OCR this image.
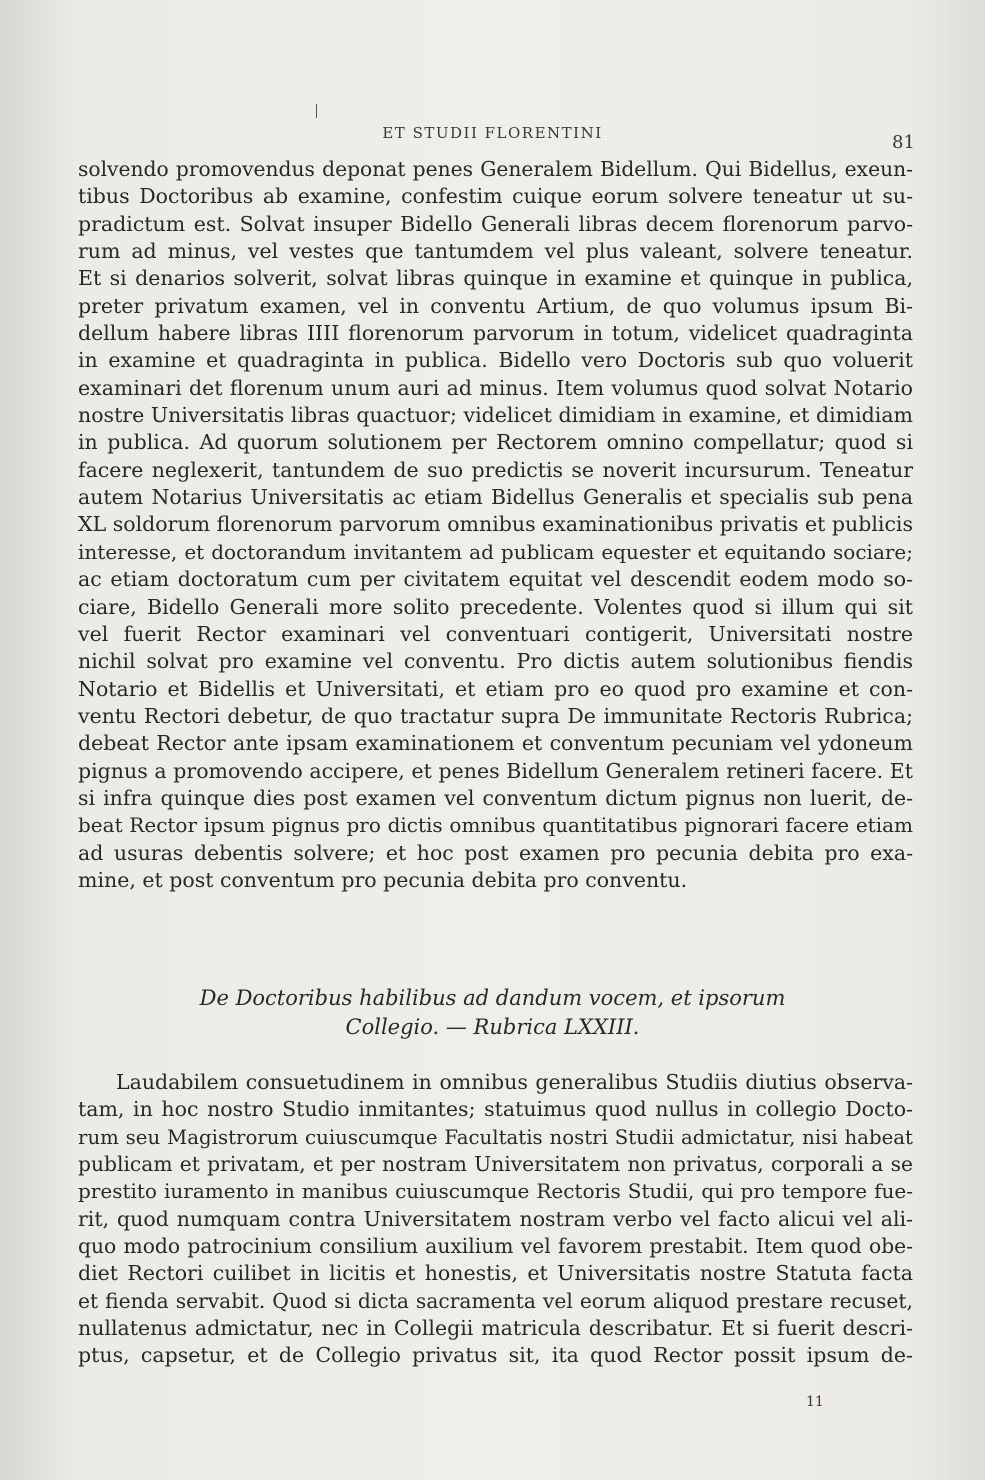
ET STUDII FLORENTINI	81
solvendo promovendus deponat penes Generalem Bidellum. Qui Bidellus, exeun-
tibus Doctoribus ab examine, confestim cuique eorum solvere teneatur ut su-
pradictum est. Solvat insuper Bidello Generali libras decem florenorum parvo-
rum ad minus, vel vestes que tantumdem vel plus valeant, solvere teneatur.
Et si denarios solverit, solvat libras quinque in examine et quinque in publica,
preter privatum examen, vel in conventu Artium, de quo volumus ipsum Bi-
dellum habere libras IIII florenorum parvorum in totum, videlicet quadraginta
in examine et quadraginta in publica. Bidello vero Doctoris sub quo voluerit
examinari det florenum unum auri ad minus. Item volumus quod solvat Notario
nostre Universitatis libras quactuor; videlicet dimidiam in examine, et dimidiam
in publica. Ad quorum solutionem per Rectorem omnino compellatur; quod si
facere neglexerit, tantundem de suo predictis se noverit incursurum. Teneatur
autem Notarius Universitatis ac etiam Bidellus Generalis et specialis sub pena
XL soldorum florenorum parvorum omnibus examinationibus privatis et publicis
interesse, et doctorandum invitantem ad publicam equester et equitando sociare;
ac etiam doctoratum cum per civitatem equitat vel descendit eodem modo so-
ciare, Bidello Generali more solito precedente. Volentes quod si illum qui sit
vel fuerit Rector examinari vel conventuari contigerit, Universitati nostre
nichil solvat pro examine vel conventu. Pro dictis autem solutionibus fiendis
Notario et Bidellis et Universitati, et etiam pro eo quod pro examine et con-
ventu Rectori debetur, de quo tractatur supra De immunitate Rectoris Rubrica;
debeat Rector ante ipsam examinationem et conventum pecuniam vel ydoneum
pignus a promovendo accipere, et penes Bidellum Generalem retineri facere. Et
si infra quinque dies post examen vel conventum dictum pignus non luerit, de-
beat Rector ipsum pignus pro dictis omnibus quantitatibus pignorari facere etiam
ad usuras debentis solvere; et hoc post examen pro pecunia debita pro exa-
mine, et post conventum pro pecunia debita pro conventu.
De Doctoribus habilibus ad dandum vocem, et ipsorum
Collegio. — Rubrica LXXIII.
Laudabilem consuetudinem in omnibus generalibus Studiis diutius observa-
tam, in hoc nostro Studio inmitantes; statuimus quod nullus in collegio Docto-
rum seu Magistrorum cuiuscumque Facultatis nostri Studii admictatur, nisi habeat
publicam et privatam, et per nostram Universitatem non privatus, corporali a se
prestito iuramento in manibus cuiuscumque Rectoris Studii, qui pro tempore fue-
rit, quod numquam contra Universitatem nostram verbo vel facto alicui vel ali-
quo modo patrocinium consilium auxilium vel favorem prestabit. Item quod obe-
diet Rectori cuilibet in licitis et honestis, et Universitatis nostre Statuta facta
et fienda servabit. Quod si dicta sacramenta vel eorum aliquod prestare recuset,
nullatenus admictatur, nec in Collegii matricula describatur. Et si fuerit descri-
ptus, capsetur, et de Collegio privatus sit, ita quod Rector possit ipsum de-
11
